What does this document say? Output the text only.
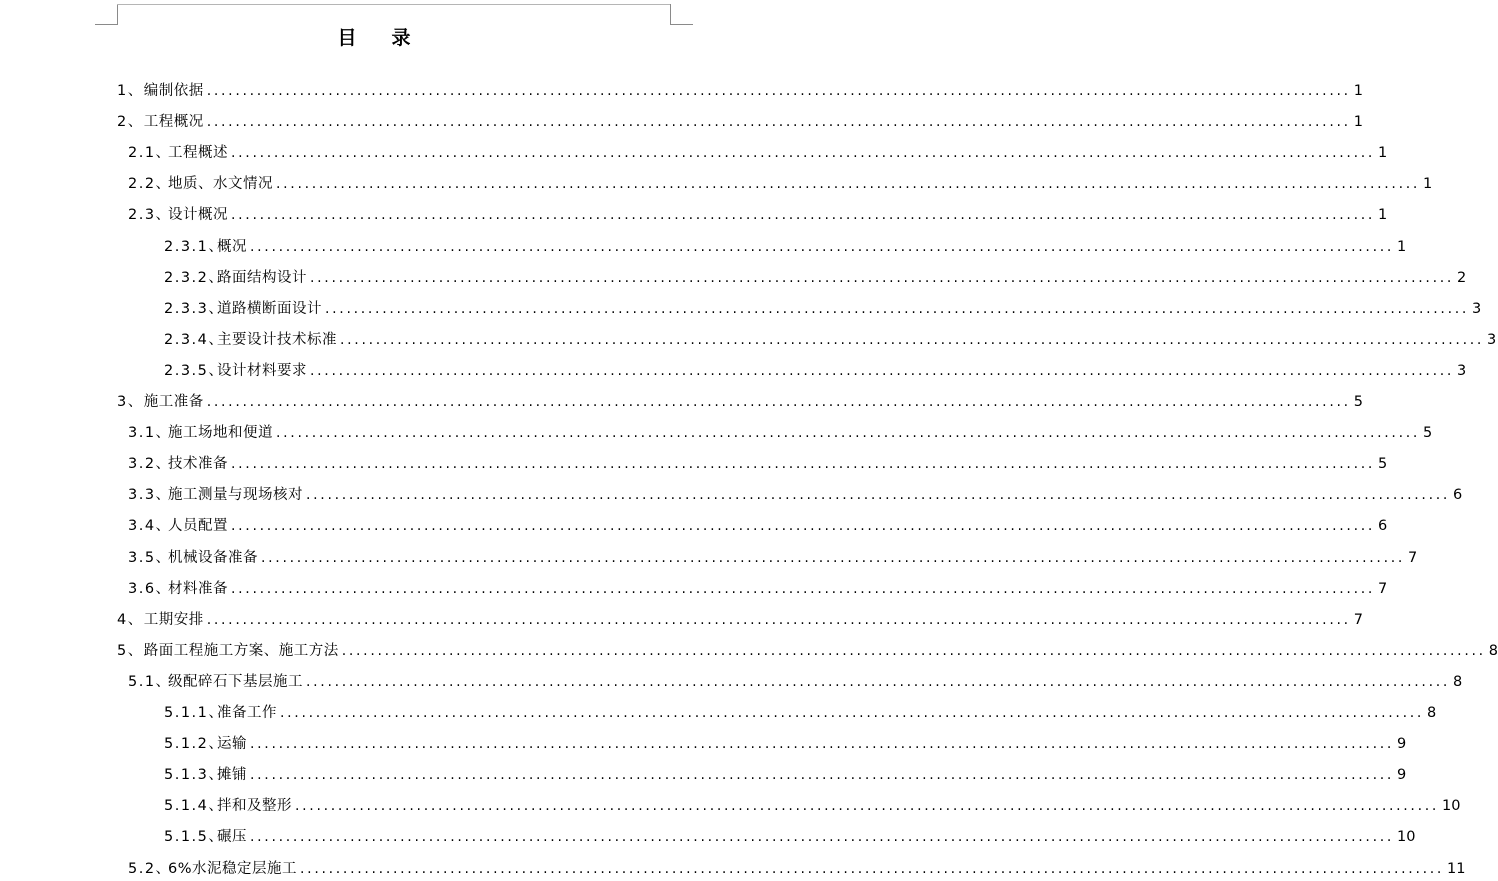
目 录
1、 编制依据 ................................................................................................................................................................ 1
2、 工程概况 ................................................................................................................................................................ 1
2.1、
工程概述 ................................................................................................................................................................ 1
2.2、
地质、水文情况 ................................................................................................................................................................ 1
2.3、
设计概况 ................................................................................................................................................................ 1
2.3.1、
概况 ................................................................................................................................................................ 1
2.3.2、
路面结构设计 ................................................................................................................................................................ 2
2.3.3、
道路横断面设计 ................................................................................................................................................................ 3
2.3.4、
主要设计技术标准 ................................................................................................................................................................ 3
2.3.5、
设计材料要求 ................................................................................................................................................................ 3
3、 施工准备 ................................................................................................................................................................ 5
3.1、
施工场地和便道 ................................................................................................................................................................ 5
3.2、
技术准备 ................................................................................................................................................................ 5
3.3、
施工测量与现场核对 ................................................................................................................................................................ 6
3.4、
人员配置 ................................................................................................................................................................ 6
3.5、
机械设备准备 ................................................................................................................................................................ 7
3.6、
材料准备 ................................................................................................................................................................ 7
4、 工期安排 ................................................................................................................................................................ 7
5、 路面工程施工方案、施工方法 ................................................................................................................................................................ 8
5.1、
级配碎石下基层施工 ................................................................................................................................................................ 8
5.1.1、
准备工作 ................................................................................................................................................................ 8
5.1.2、
运输 ................................................................................................................................................................ 9
5.1.3、
摊铺 ................................................................................................................................................................ 9
5.1.4、
拌和及整形 ................................................................................................................................................................ 10
5.1.5、
碾压 ................................................................................................................................................................ 10
5.2、
6%水泥稳定层施工 ................................................................................................................................................................ 11
